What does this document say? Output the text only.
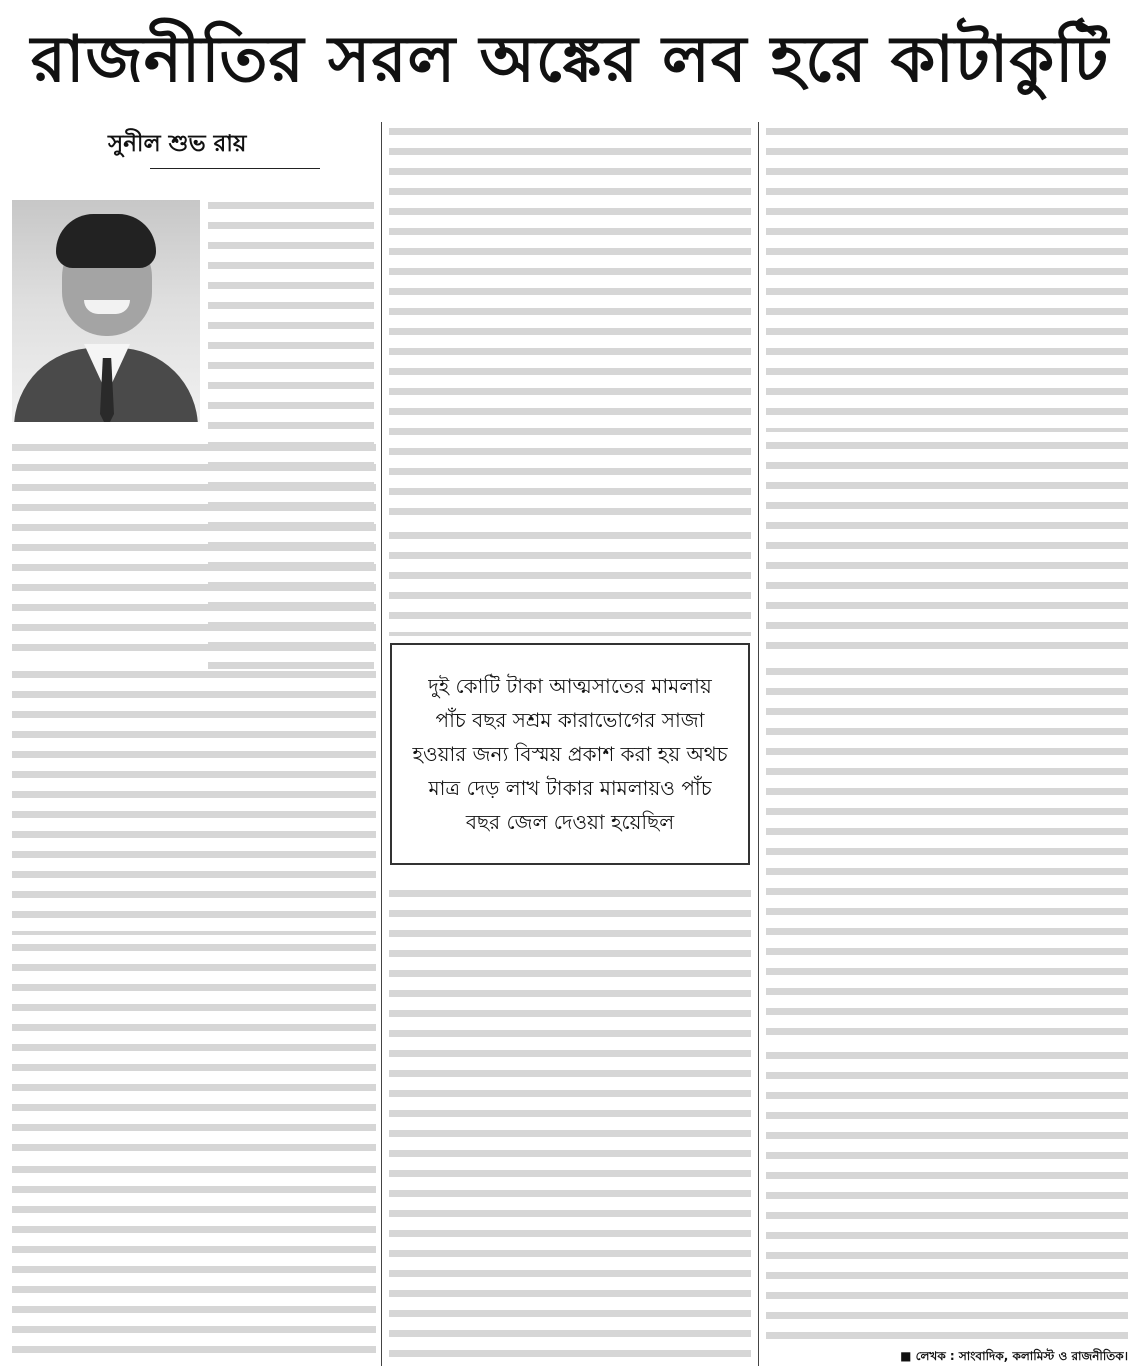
রাজনীতির সরল অঙ্কের লব হরে কাটাকুটি
সুনীল শুভ রায়
দুই কোটি টাকা আত্মসাতের মামলায় পাঁচ বছর সশ্রম কারাভোগের সাজা হওয়ার জন্য বিস্ময় প্রকাশ করা হয় অথচ মাত্র দেড় লাখ টাকার মামলায়ও পাঁচ বছর জেল দেওয়া হয়েছিল
■ লেখক : সাংবাদিক, কলামিস্ট ও রাজনীতিক।
